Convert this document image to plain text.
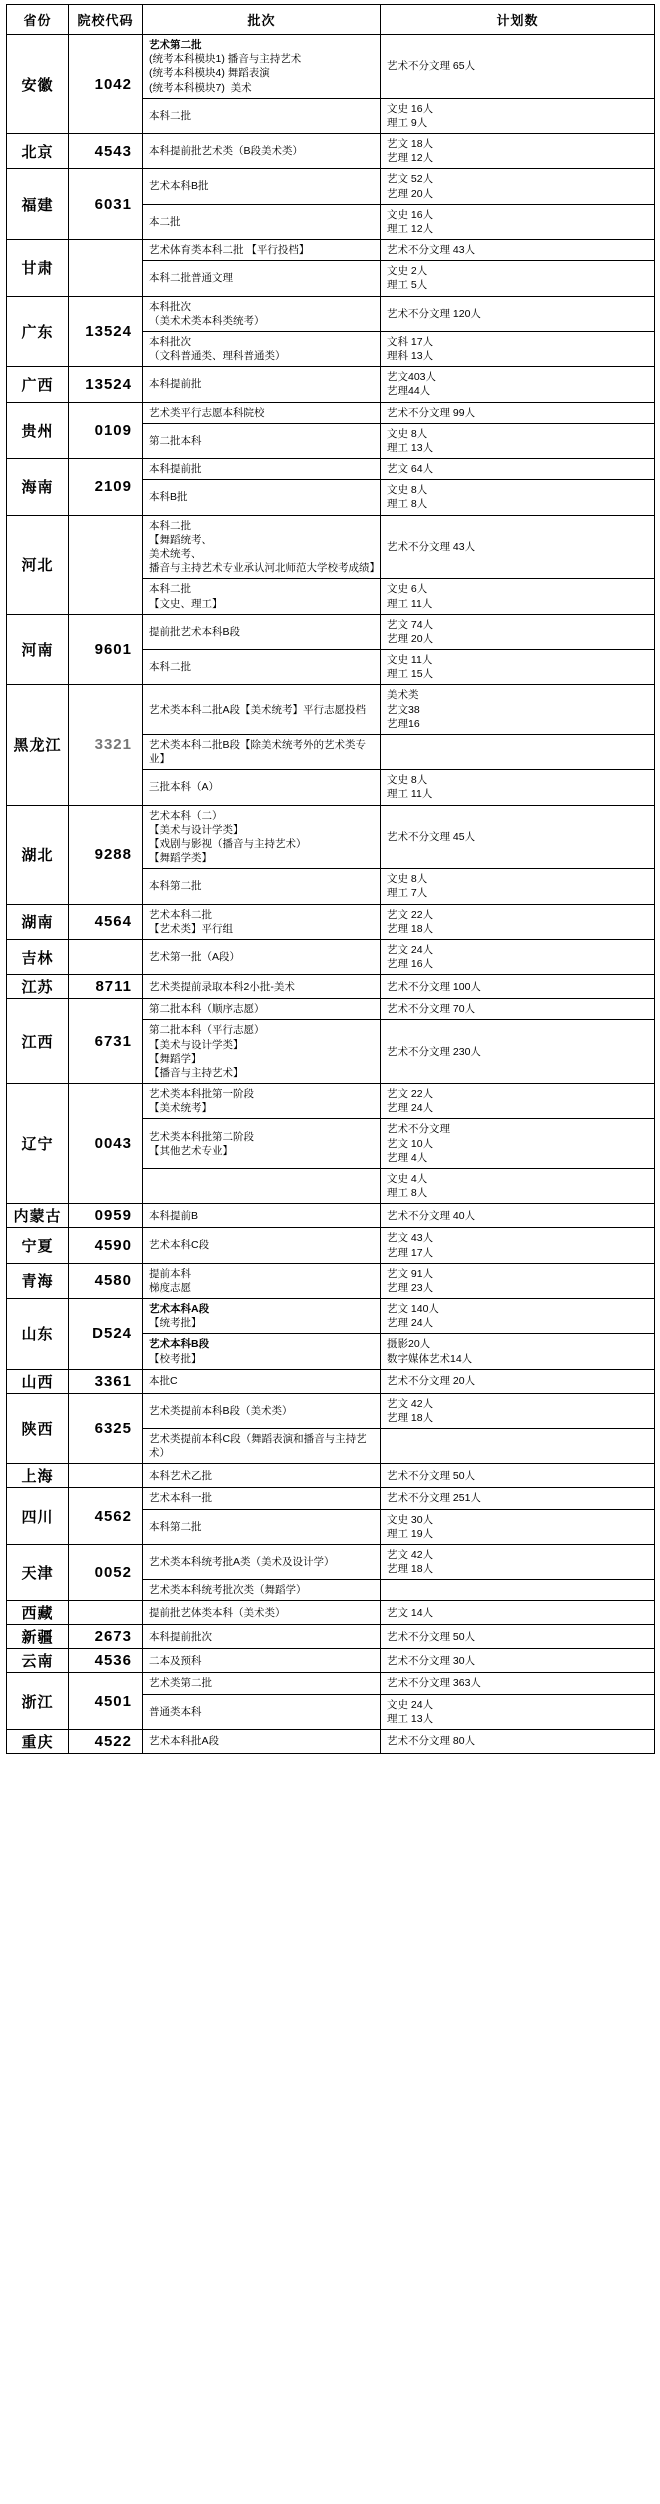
省份	院校代码	批次	计划数
安徽	1042	艺术第二批
(统考本科模块1) 播音与主持艺术
(统考本科模块4) 舞蹈表演
(统考本科模块7)  美术	艺术不分文理 65人

		本科二批	文史 16人
理工 9人

北京	4543	本科提前批艺术类（B段美术类）	艺文 18人
艺理 12人

福建	6031	艺术本科B批	艺文 52人
艺理 20人

		本二批	文史 16人
理工 12人

甘肃		艺术体育类本科二批 【平行投档】	艺术不分文理 43人

		本科二批普通文理	文史 2人
理工 5人

广东	13524	本科批次
（美术术类本科类统考）	艺术不分文理 120人

		本科批次
（文科普通类、理科普通类）	文科 17人
理科 13人

广西	13524	本科提前批	艺文403人
艺理44人

贵州	0109	艺术类平行志愿本科院校	艺术不分文理 99人

		第二批本科	文史 8人
理工 13人

海南	2109	本科提前批	艺文 64人

		本科B批	文史 8人
理工 8人

河北		本科二批
【舞蹈统考、
美术统考、
播音与主持艺术专业承认河北师范大学校考成绩】	艺术不分文理 43人

		本科二批
【文史、理工】	文史 6人
理工 11人

河南	9601	提前批艺术本科B段	艺文 74人
艺理 20人

		本科二批	文史 11人
理工 15人

黑龙江	3321	艺术类本科二批A段【美术统考】平行志愿投档	美术类
艺文38
艺理16

		艺术类本科二批B段【除美术统考外的艺术类专业】	

		三批本科（A）	文史 8人
理工 11人

湖北	9288	艺术本科（二）
【美术与设计学类】
【戏剧与影视（播音与主持艺术）
【舞蹈学类】	艺术不分文理 45人

		本科第二批	文史 8人
理工 7人

湖南	4564	艺术本科二批
【艺术类】平行组	艺文 22人
艺理 18人

吉林		艺术第一批（A段）	艺文 24人
艺理 16人

江苏	8711	艺术类提前录取本科2小批-美术	艺术不分文理 100人

江西	6731	第二批本科（顺序志愿）	艺术不分文理 70人

		第二批本科（平行志愿）
【美术与设计学类】
【舞蹈学】
【播音与主持艺术】	艺术不分文理 230人

辽宁	0043	艺术类本科批第一阶段
【美术统考】	艺文 22人
艺理 24人

		艺术类本科批第二阶段
【其他艺术专业】	艺术不分文理
艺文 10人
艺理 4人

			文史 4人
理工 8人

内蒙古	0959	本科提前B	艺术不分文理 40人

宁夏	4590	艺术本科C段	艺文 43人
艺理 17人

青海	4580	提前本科
梯度志愿	艺文 91人
艺理 23人

山东	D524	艺术本科A段
【统考批】	艺文 140人
艺理 24人

		艺术本科B段
【校考批】	摄影20人
数字媒体艺术14人

山西	3361	本批C	艺术不分文理 20人

陕西	6325	艺术类提前本科B段（美术类）	艺文 42人
艺理 18人

		艺术类提前本科C段（舞蹈表演和播音与主持艺术）	

上海		本科艺术乙批	艺术不分文理 50人

四川	4562	艺术本科一批	艺术不分文理 251人

		本科第二批	文史 30人
理工 19人

天津	0052	艺术类本科统考批A类（美术及设计学）	艺文 42人
艺理 18人

		艺术类本科统考批次类（舞蹈学）	

西藏		提前批艺体类本科（美术类）	艺文 14人

新疆	2673	本科提前批次	艺术不分文理 50人

云南	4536	二本及预科	艺术不分文理 30人

浙江	4501	艺术类第二批	艺术不分文理 363人

		普通类本科	文史 24人
理工 13人

重庆	4522	艺术本科批A段	艺术不分文理 80人
